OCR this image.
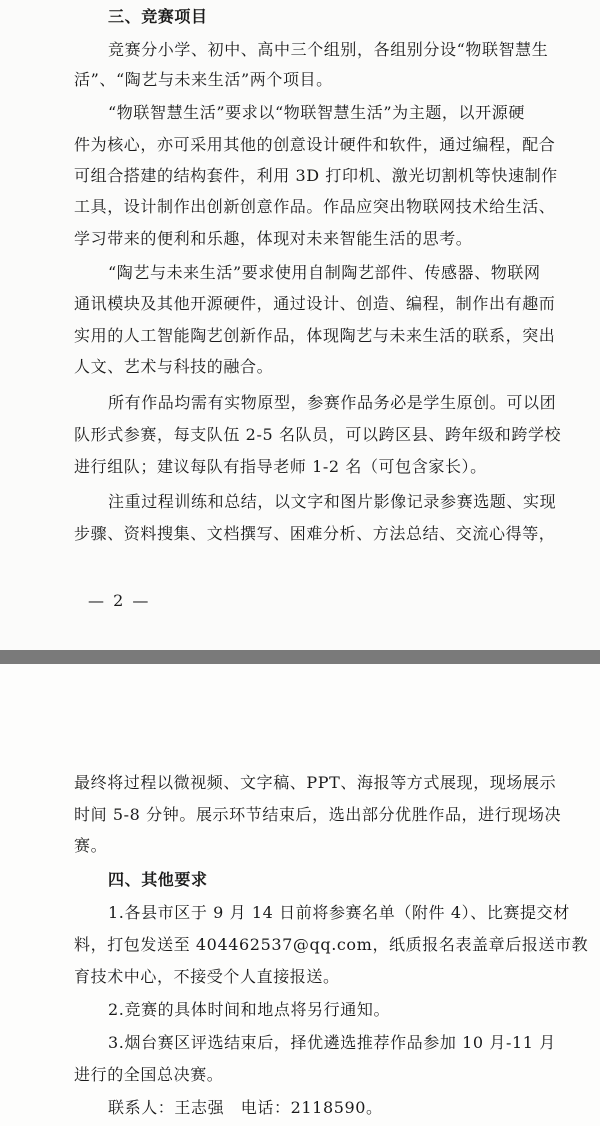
三、竞赛项目
竞赛分小学、初中、高中三个组别，各组别分设“物联智慧生
活”、“陶艺与未来生活”两个项目。
“物联智慧生活”要求以“物联智慧生活”为主题，以开源硬
件为核心，亦可采用其他的创意设计硬件和软件，通过编程，配合
可组合搭建的结构套件，利用 3D 打印机、激光切割机等快速制作
工具，设计制作出创新创意作品。作品应突出物联网技术给生活、
学习带来的便利和乐趣，体现对未来智能生活的思考。
“陶艺与未来生活”要求使用自制陶艺部件、传感器、物联网
通讯模块及其他开源硬件，通过设计、创造、编程，制作出有趣而
实用的人工智能陶艺创新作品，体现陶艺与未来生活的联系，突出
人文、艺术与科技的融合。
所有作品均需有实物原型，参赛作品务必是学生原创。可以团
队形式参赛，每支队伍 2-5 名队员，可以跨区县、跨年级和跨学校
进行组队；建议每队有指导老师 1-2 名（可包含家长）。
注重过程训练和总结，以文字和图片影像记录参赛选题、实现
步骤、资料搜集、文档撰写、困难分析、方法总结、交流心得等，
— 2 —
最终将过程以微视频、文字稿、PPT、海报等方式展现，现场展示
时间 5-8 分钟。展示环节结束后，选出部分优胜作品，进行现场决
赛。
四、其他要求
1.各县市区于 9 月 14 日前将参赛名单（附件 4）、比赛提交材
料，打包发送至 404462537@qq.com，纸质报名表盖章后报送市教
育技术中心，不接受个人直接报送。
2.竞赛的具体时间和地点将另行通知。
3.烟台赛区评选结束后，择优遴选推荐作品参加 10 月-11 月
进行的全国总决赛。
联系人：王志强　电话：2118590。
